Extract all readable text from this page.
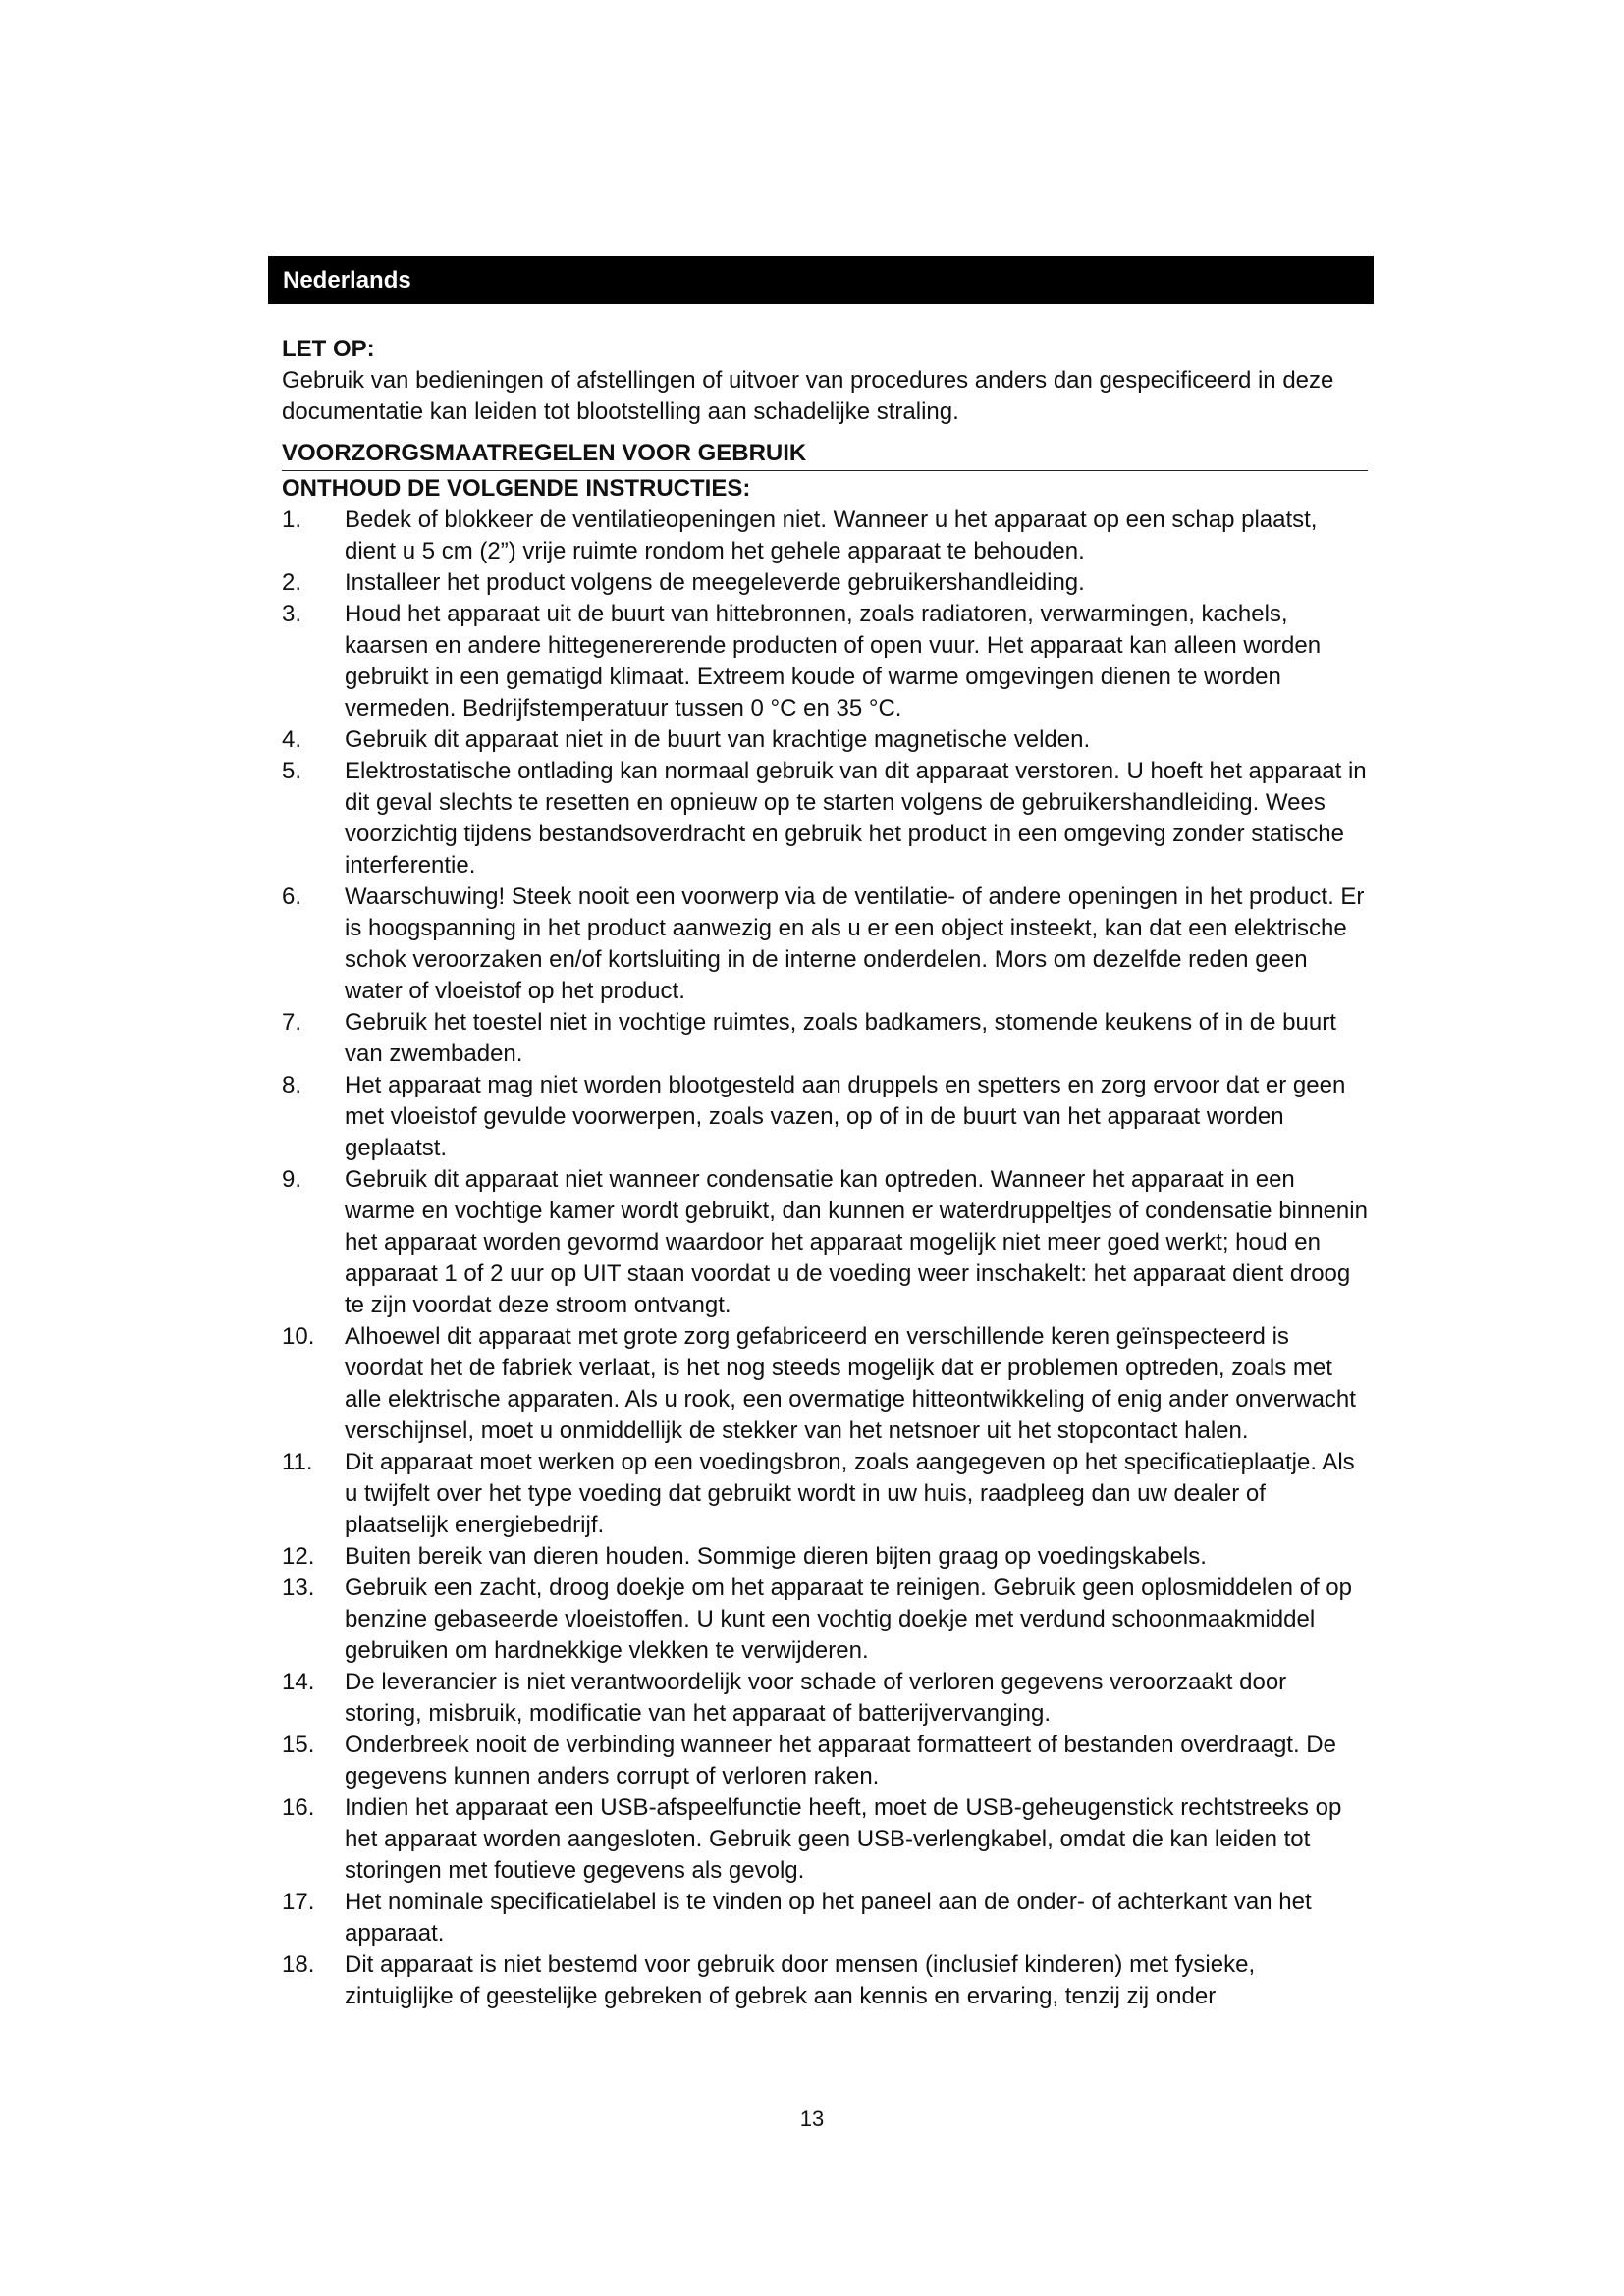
Nederlands

LET OP:

Gebruik van bedieningen of afstellingen of uitvoer van procedures anders dan gespecificeerd in deze documentatie kan leiden tot blootstelling aan schadelijke straling.

VOORZORGSMAATREGELEN VOOR GEBRUIK

ONTHOUD DE VOLGENDE INSTRUCTIES:

1.	Bedek of blokkeer de ventilatieopeningen niet. Wanneer u het apparaat op een schap plaatst, dient u 5 cm (2”) vrije ruimte rondom het gehele apparaat te behouden.
2.	Installeer het product volgens de meegeleverde gebruikershandleiding.
3.	Houd het apparaat uit de buurt van hittebronnen, zoals radiatoren, verwarmingen, kachels, kaarsen en andere hittegenererende producten of open vuur. Het apparaat kan alleen worden gebruikt in een gematigd klimaat. Extreem koude of warme omgevingen dienen te worden vermeden. Bedrijfstemperatuur tussen 0 °C en 35 °C.
4.	Gebruik dit apparaat niet in de buurt van krachtige magnetische velden.
5.	Elektrostatische ontlading kan normaal gebruik van dit apparaat verstoren. U hoeft het apparaat in dit geval slechts te resetten en opnieuw op te starten volgens de gebruikershandleiding. Wees voorzichtig tijdens bestandsoverdracht en gebruik het product in een omgeving zonder statische interferentie.
6.	Waarschuwing! Steek nooit een voorwerp via de ventilatie- of andere openingen in het product. Er is hoogspanning in het product aanwezig en als u er een object insteekt, kan dat een elektrische schok veroorzaken en/of kortsluiting in de interne onderdelen. Mors om dezelfde reden geen water of vloeistof op het product.
7.	Gebruik het toestel niet in vochtige ruimtes, zoals badkamers, stomende keukens of in de buurt van zwembaden.
8.	Het apparaat mag niet worden blootgesteld aan druppels en spetters en zorg ervoor dat er geen met vloeistof gevulde voorwerpen, zoals vazen, op of in de buurt van het apparaat worden geplaatst.
9.	Gebruik dit apparaat niet wanneer condensatie kan optreden. Wanneer het apparaat in een warme en vochtige kamer wordt gebruikt, dan kunnen er waterdruppeltjes of condensatie binnenin het apparaat worden gevormd waardoor het apparaat mogelijk niet meer goed werkt; houd en apparaat 1 of 2 uur op UIT staan voordat u de voeding weer inschakelt: het apparaat dient droog te zijn voordat deze stroom ontvangt.
10.	Alhoewel dit apparaat met grote zorg gefabriceerd en verschillende keren geïnspecteerd is voordat het de fabriek verlaat, is het nog steeds mogelijk dat er problemen optreden, zoals met alle elektrische apparaten. Als u rook, een overmatige hitteontwikkeling of enig ander onverwacht verschijnsel, moet u onmiddellijk de stekker van het netsnoer uit het stopcontact halen.
11.	Dit apparaat moet werken op een voedingsbron, zoals aangegeven op het specificatieplaatje. Als u twijfelt over het type voeding dat gebruikt wordt in uw huis, raadpleeg dan uw dealer of plaatselijk energiebedrijf.
12.	Buiten bereik van dieren houden. Sommige dieren bijten graag op voedingskabels.
13.	Gebruik een zacht, droog doekje om het apparaat te reinigen. Gebruik geen oplosmiddelen of op benzine gebaseerde vloeistoffen. U kunt een vochtig doekje met verdund schoonmaakmiddel gebruiken om hardnekkige vlekken te verwijderen.
14.	De leverancier is niet verantwoordelijk voor schade of verloren gegevens veroorzaakt door storing, misbruik, modificatie van het apparaat of batterijvervanging.
15.	Onderbreek nooit de verbinding wanneer het apparaat formatteert of bestanden overdraagt. De gegevens kunnen anders corrupt of verloren raken.
16.	Indien het apparaat een USB-afspeelfunctie heeft, moet de USB-geheugenstick rechtstreeks op het apparaat worden aangesloten. Gebruik geen USB-verlengkabel, omdat die kan leiden tot storingen met foutieve gegevens als gevolg.
17.	Het nominale specificatielabel is te vinden op het paneel aan de onder- of achterkant van het apparaat.
18.	Dit apparaat is niet bestemd voor gebruik door mensen (inclusief kinderen) met fysieke, zintuiglijke of geestelijke gebreken of gebrek aan kennis en ervaring, tenzij zij onder
13
